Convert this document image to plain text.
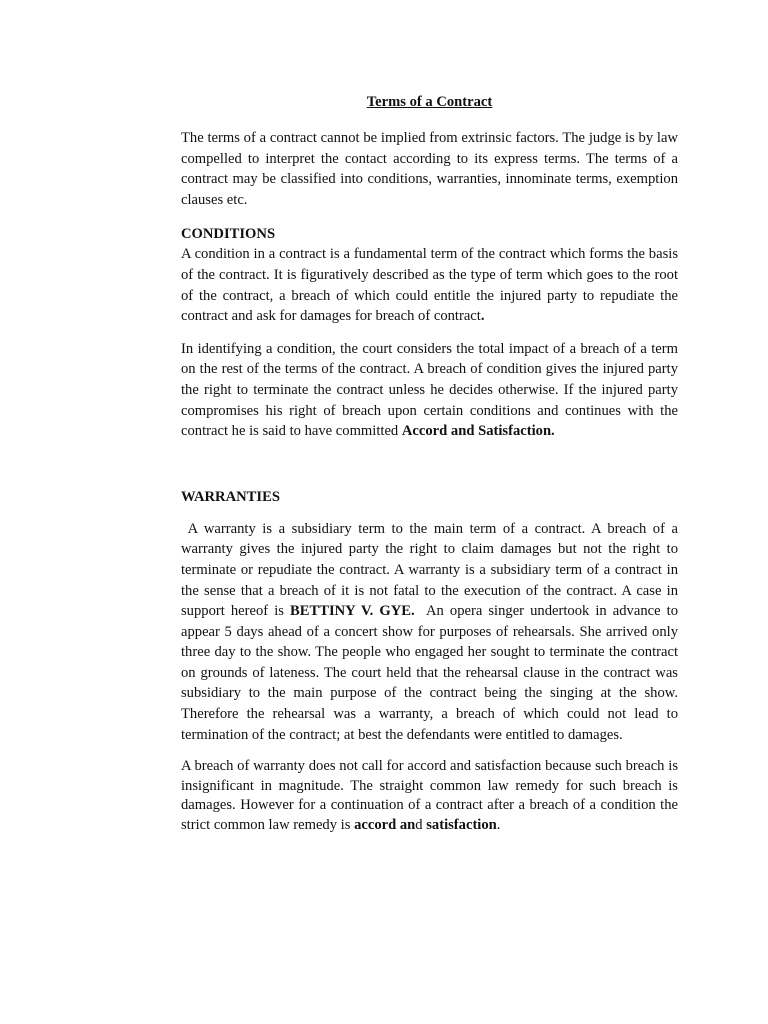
Terms of a Contract

The terms of a contract cannot be implied from extrinsic factors. The judge is by law compelled to interpret the contact according to its express terms. The terms of a contract may be classified into conditions, warranties, innominate terms, exemption clauses etc.

CONDITIONS

A condition in a contract is a fundamental term of the contract which forms the basis of the contract. It is figuratively described as the type of term which goes to the root of the contract, a breach of which could entitle the injured party to repudiate the contract and ask for damages for breach of contract.

In identifying a condition, the court considers the total impact of a breach of a term on the rest of the terms of the contract. A breach of condition gives the injured party the right to terminate the contract unless he decides otherwise. If the injured party compromises his right of breach upon certain conditions and continues with the contract he is said to have committed Accord and Satisfaction.

WARRANTIES

A warranty is a subsidiary term to the main term of a contract. A breach of a warranty gives the injured party the right to claim damages but not the right to terminate or repudiate the contract. A warranty is a subsidiary term of a contract in the sense that a breach of it is not fatal to the execution of the contract. A case in support hereof is BETTINY V. GYE.  An opera singer undertook in advance to appear 5 days ahead of a concert show for purposes of rehearsals. She arrived only three day to the show. The people who engaged her sought to terminate the contract on grounds of lateness. The court held that the rehearsal clause in the contract was subsidiary to the main purpose of the contract being the singing at the show. Therefore the rehearsal was a warranty, a breach of which could not lead to termination of the contract; at best the defendants were entitled to damages.

A breach of warranty does not call for accord and satisfaction because such breach is insignificant in magnitude. The straight common law remedy for such breach is damages. However for a continuation of a contract after a breach of a condition the strict common law remedy is accord and satisfaction.
